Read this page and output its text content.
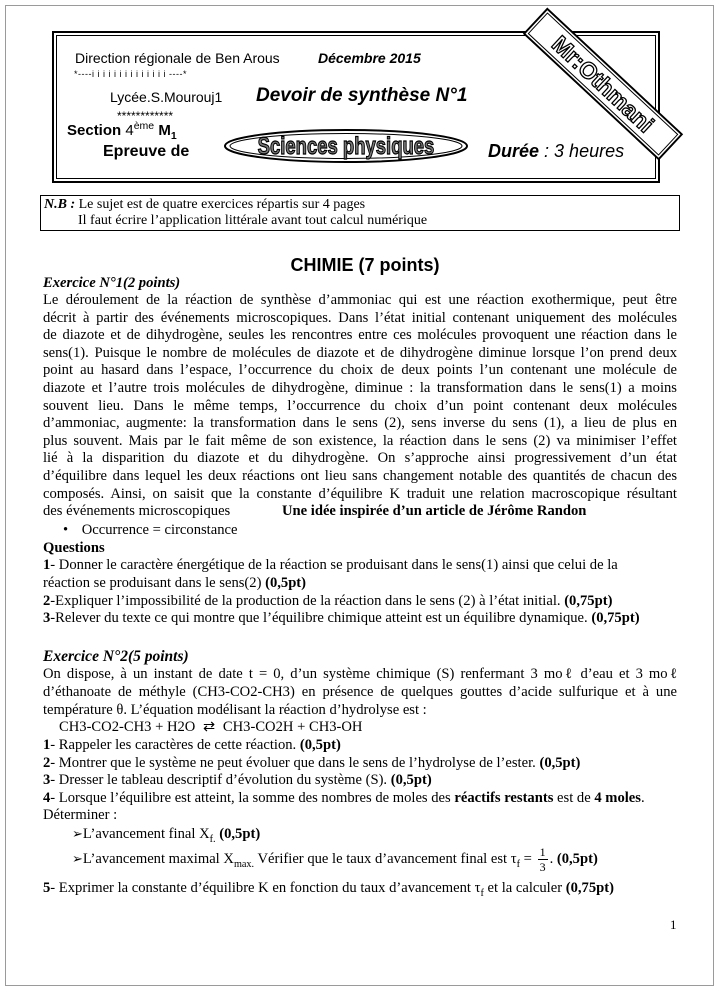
Direction régionale de Ben Arous	Décembre 2015
*----i i i i i i i i i i i i i i ----*
Lycée.S.Mourouj1 Devoir de synthèse N°1
************
Section 4ème $M_1$
Epreuve de	Sciences physiques	Durée : 3 heures
Mr:Othmani
N.B : Le sujet est de quatre exercices répartis sur 4 pages
Il faut écrire l’application littérale avant tout calcul numérique
CHIMIE (7 points)
Exercice N°1(2 points)
Le déroulement de la réaction de synthèse d’ammoniac qui est une réaction exothermique, peut être
décrit à partir des événements microscopiques. Dans l’état initial contenant uniquement des molécules
de diazote et de dihydrogène, seules les rencontres entre ces molécules provoquent une réaction dans le
sens(1). Puisque le nombre de molécules de diazote et de dihydrogène diminue lorsque l’on prend deux
point au hasard dans l’espace, l’occurrence du choix de deux points l’un contenant une molécule de
diazote et l’autre trois molécules de dihydrogène, diminue : la transformation dans le sens(1) a moins
souvent lieu. Dans le même temps, l’occurrence du choix d’un point contenant deux molécules
d’ammoniac, augmente: la transformation dans le sens (2), sens inverse du sens (1), a lieu de plus en
plus souvent. Mais par le fait même de son existence, la réaction dans le sens (2) va minimiser l’effet
lié à la disparition du diazote et du dihydrogène. On s’approche ainsi progressivement d’un état
d’équilibre dans lequel les deux réactions ont lieu sans changement notable des quantités de chacun des
composés. Ainsi, on saisit que la constante d’équilibre K traduit une relation macroscopique résultant
des événements microscopiques	Une idée inspirée d’un article de Jérôme Randon
• Occurrence = circonstance
Questions
1- Donner le caractère énergétique de la réaction se produisant dans le sens(1) ainsi que celui de la
réaction se produisant dans le sens(2) (0,5pt)
2-Expliquer l’impossibilité de la production de la réaction dans le sens (2) à l’état initial. (0,75pt)
3-Relever du texte ce qui montre que l’équilibre chimique atteint est un équilibre dynamique. (0,75pt)
Exercice N°2(5 points)
On dispose, à un instant de date t = 0, d’un système chimique (S) renfermant 3 moℓ d’eau et 3 moℓ
d’éthanoate de méthyle (CH3-CO2-CH3) en présence de quelques gouttes d’acide sulfurique et à une
température θ. L’équation modélisant la réaction d’hydrolyse est :
CH3-CO2-CH3 + H2O ⇄ CH3-CO2H + CH3-OH
1- Rappeler les caractères de cette réaction. (0,5pt)
2- Montrer que le système ne peut évoluer que dans le sens de l’hydrolyse de l’ester. (0,5pt)
3- Dresser le tableau descriptif d’évolution du système (S). (0,5pt)
4- Lorsque l’équilibre est atteint, la somme des nombres de moles des réactifs restants est de 4 moles.
Déterminer :
➢L’avancement final $X_{f.}$ (0,5pt)
➢L’avancement maximal $X_{max.}$ Vérifier que le taux d’avancement final est $\tau_f = \frac{1}{3}$ . (0,5pt)
5- Exprimer la constante d’équilibre K en fonction du taux d’avancement $\tau_f$ et la calculer (0,75pt)
1
